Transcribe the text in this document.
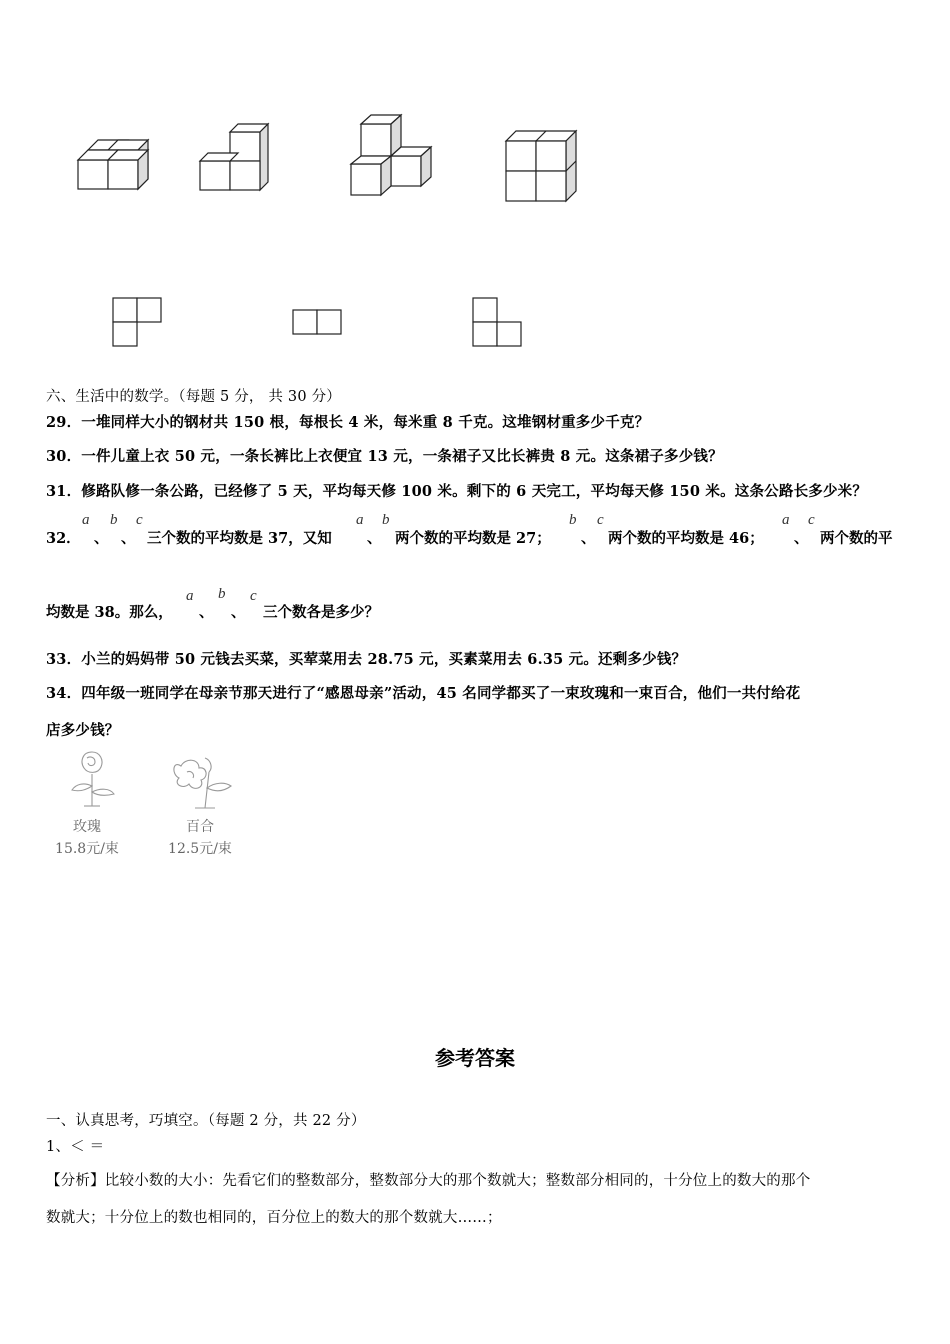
六、生活中的数学。（每题 5 分， 共 30 分）
29．一堆同样大小的钢材共 150 根，每根长 4 米，每米重 8 千克。这堆钢材重多少千克？
30．一件儿童上衣 50 元，一条长裤比上衣便宜 13 元，一条裙子又比长裤贵 8 元。这条裙子多少钱？
31．修路队修一条公路，已经修了 5 天，平均每天修 100 米。剩下的 6 天完工，平均每天修 150 米。这条公路长多少米？
32．
a
、
b
、
c
三个数的平均数是 37，又知
a
、
b
两个数的平均数是 27；
b
、
c
两个数的平均数是 46；
a
、
c
两个数的平
均数是 38。那么，
a
、
b
、
c
三个数各是多少？
33．小兰的妈妈带 50 元钱去买菜，买荤菜用去 28.75 元，买素菜用去 6.35 元。还剩多少钱？
34．四年级一班同学在母亲节那天进行了“感恩母亲”活动，45 名同学都买了一束玫瑰和一束百合，他们一共付给花
店多少钱？
玫瑰
15.8元/束
百合
12.5元/束
参考答案
一、认真思考，巧填空。（每题 2 分，共 22 分）
1、＜ ＝
【分析】比较小数的大小：先看它们的整数部分，整数部分大的那个数就大；整数部分相同的，十分位上的数大的那个
数就大；十分位上的数也相同的，百分位上的数大的那个数就大……；
